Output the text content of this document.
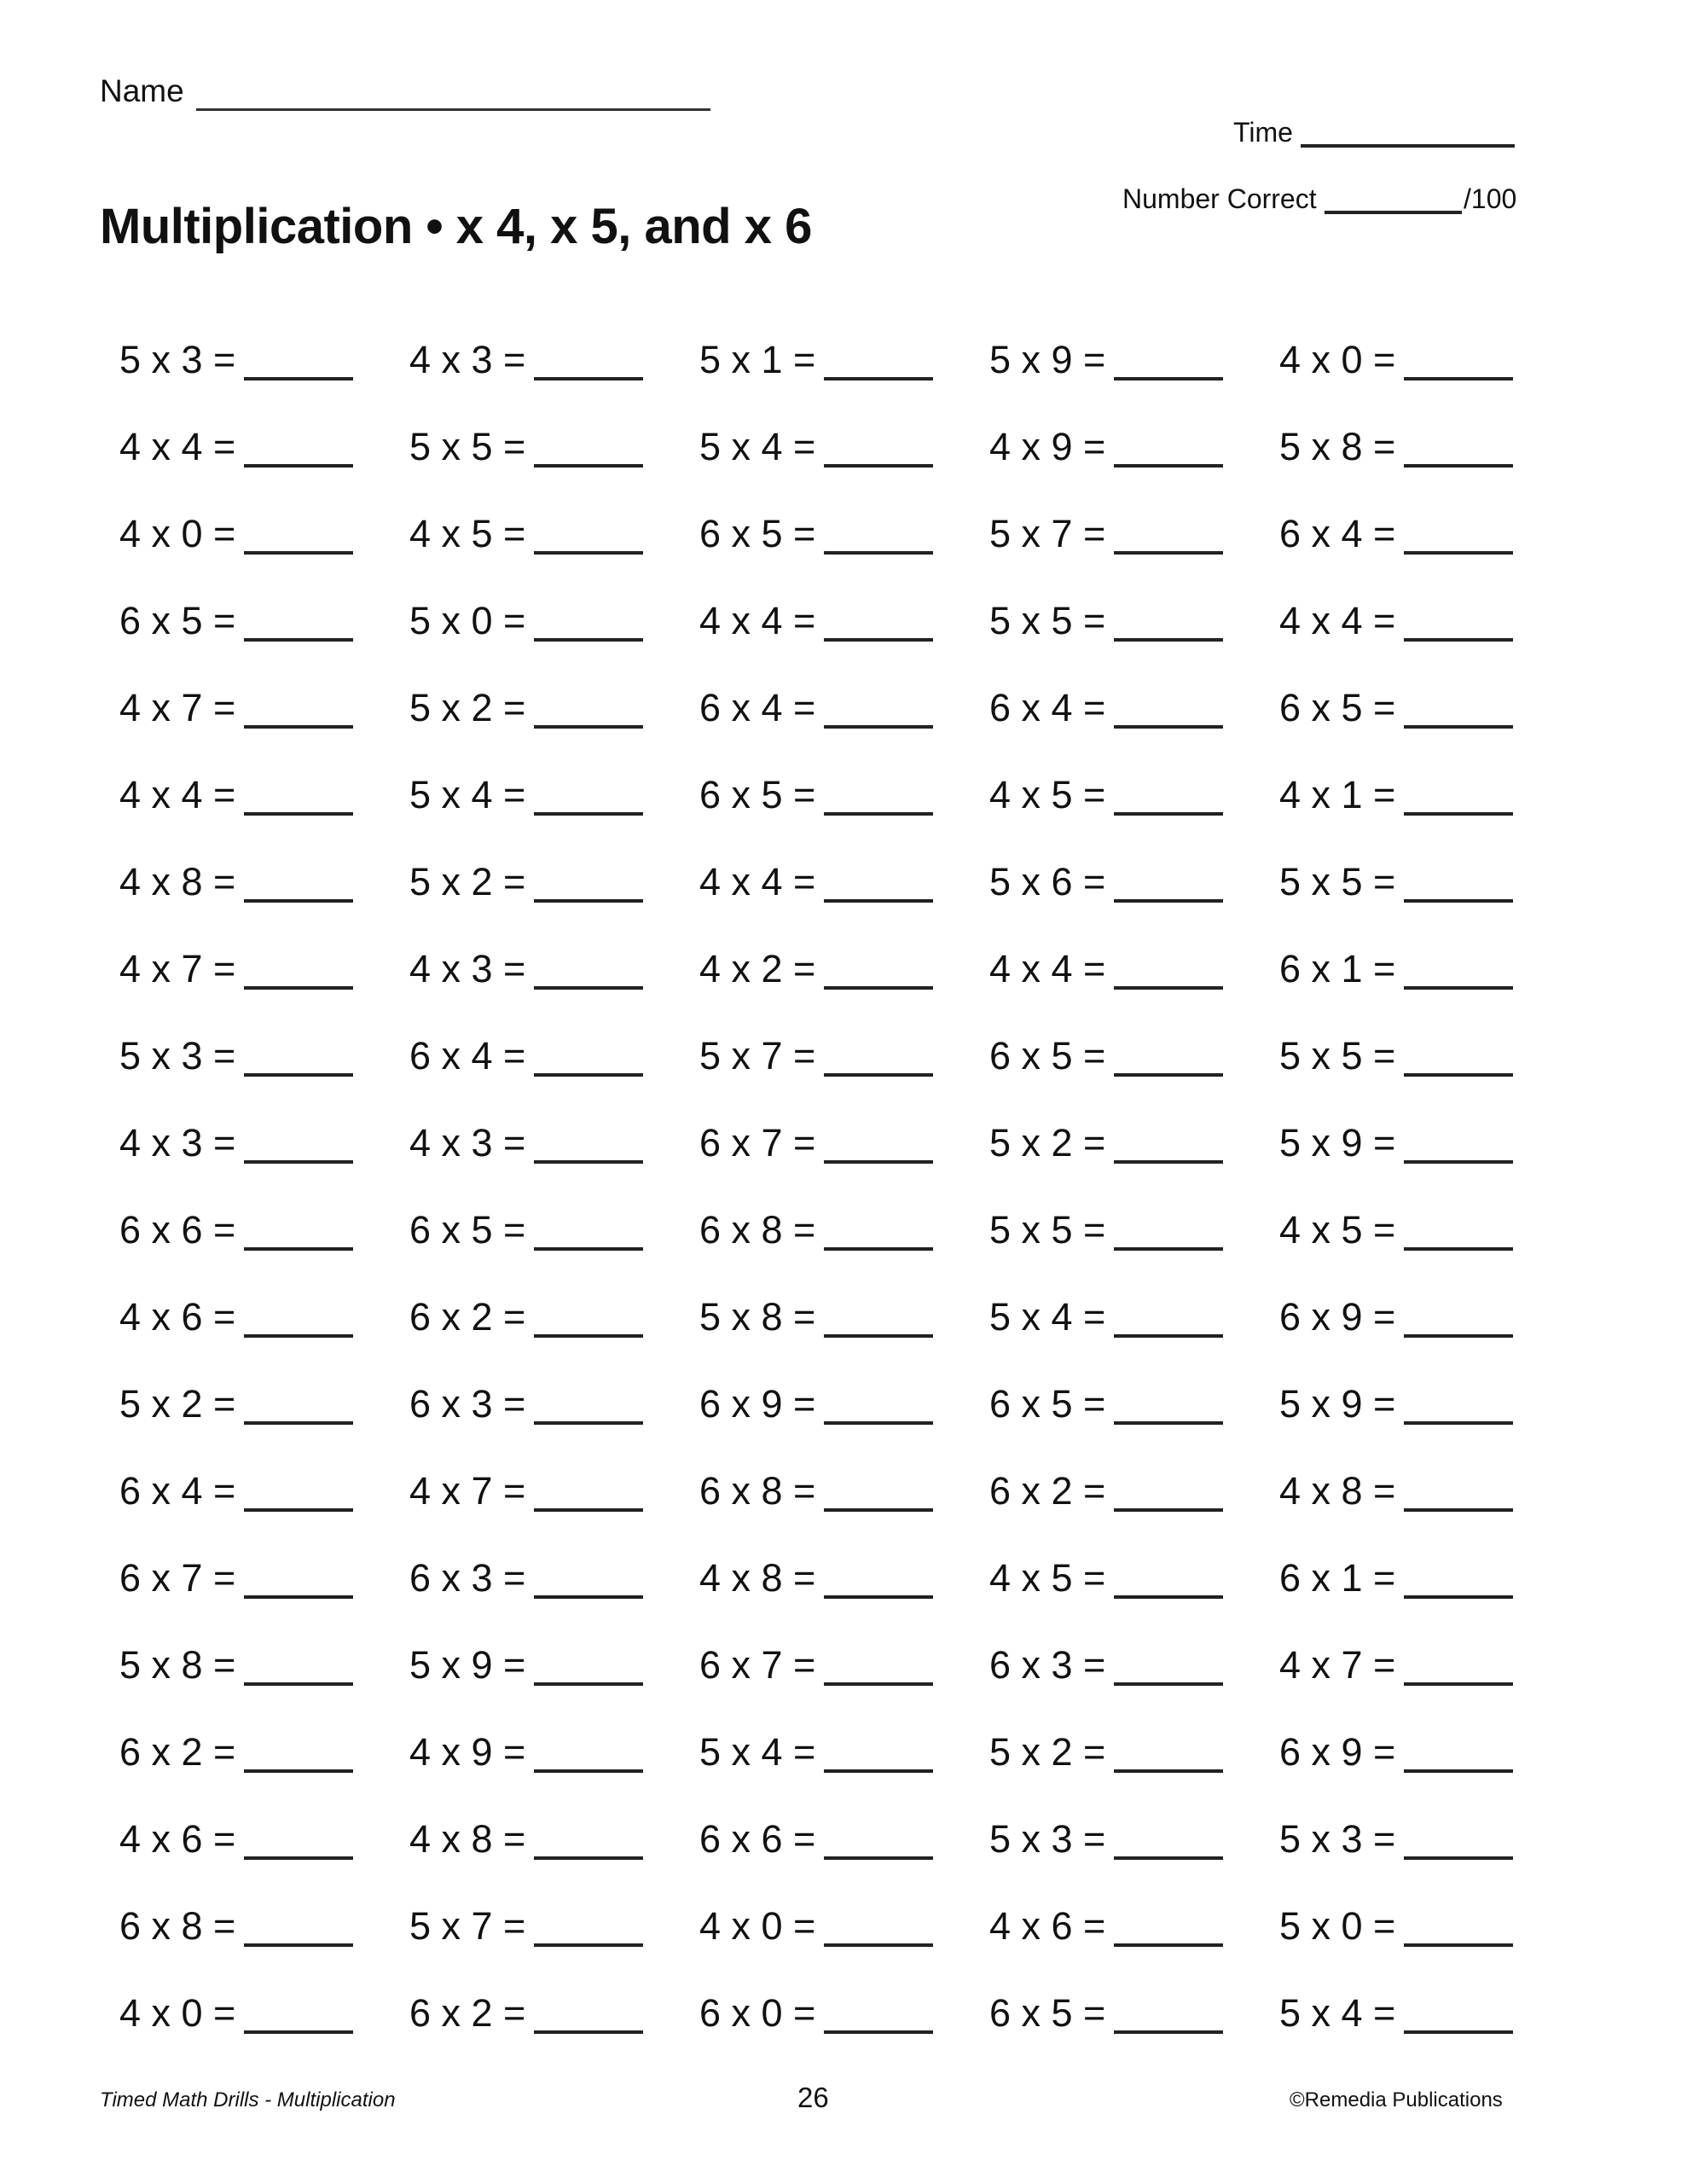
Name
Time
Number Correct	/100
Multiplication • x 4, x 5, and x 6
5 x 3 =	4 x 3 =	5 x 1 =	5 x 9 =	4 x 0 =
4 x 4 =	5 x 5 =	5 x 4 =	4 x 9 =	5 x 8 =
4 x 0 =	4 x 5 =	6 x 5 =	5 x 7 =	6 x 4 =
6 x 5 =	5 x 0 =	4 x 4 =	5 x 5 =	4 x 4 =
4 x 7 =	5 x 2 =	6 x 4 =	6 x 4 =	6 x 5 =
4 x 4 =	5 x 4 =	6 x 5 =	4 x 5 =	4 x 1 =
4 x 8 =	5 x 2 =	4 x 4 =	5 x 6 =	5 x 5 =
4 x 7 =	4 x 3 =	4 x 2 =	4 x 4 =	6 x 1 =
5 x 3 =	6 x 4 =	5 x 7 =	6 x 5 =	5 x 5 =
4 x 3 =	4 x 3 =	6 x 7 =	5 x 2 =	5 x 9 =
6 x 6 =	6 x 5 =	6 x 8 =	5 x 5 =	4 x 5 =
4 x 6 =	6 x 2 =	5 x 8 =	5 x 4 =	6 x 9 =
5 x 2 =	6 x 3 =	6 x 9 =	6 x 5 =	5 x 9 =
6 x 4 =	4 x 7 =	6 x 8 =	6 x 2 =	4 x 8 =
6 x 7 =	6 x 3 =	4 x 8 =	4 x 5 =	6 x 1 =
5 x 8 =	5 x 9 =	6 x 7 =	6 x 3 =	4 x 7 =
6 x 2 =	4 x 9 =	5 x 4 =	5 x 2 =	6 x 9 =
4 x 6 =	4 x 8 =	6 x 6 =	5 x 3 =	5 x 3 =
6 x 8 =	5 x 7 =	4 x 0 =	4 x 6 =	5 x 0 =
4 x 0 =	6 x 2 =	6 x 0 =	6 x 5 =	5 x 4 =
Timed Math Drills - Multiplication	26	©Remedia Publications
